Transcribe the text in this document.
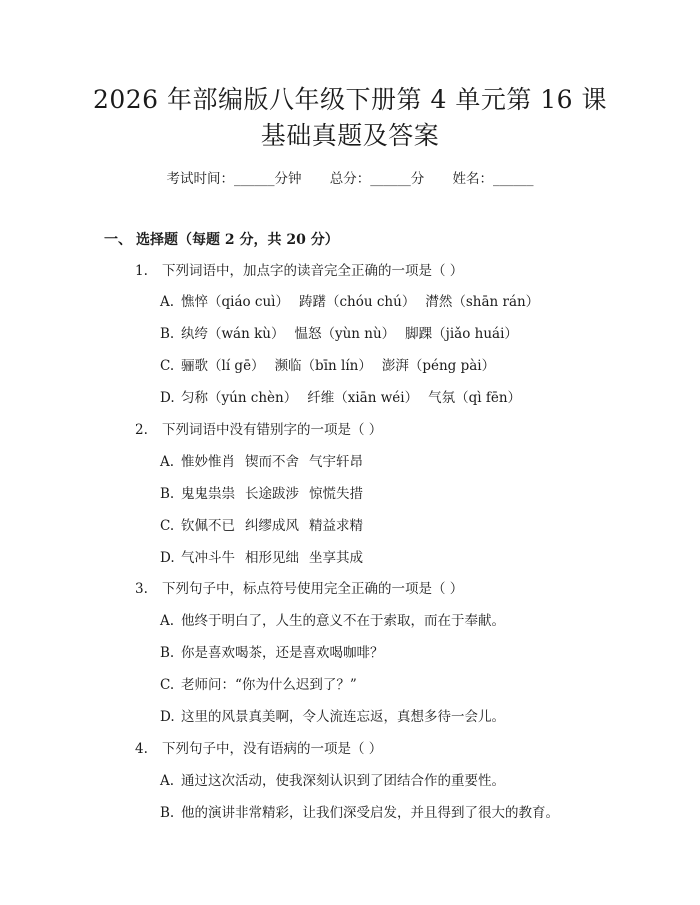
2026 年部编版八年级下册第 4 单元第 16 课
基础真题及答案
考试时间：______分钟 总分：______分 姓名：______
一、 选择题（每题 2 分，共 20 分）
1. 下列词语中，加点字的读音完全正确的一项是（ ）
A. 憔悴（qiáo cuì） 踌躇（chóu chú） 潸然（shān rán）
B. 纨绔（wán kù） 愠怒（yùn nù） 脚踝（jiǎo huái）
C. 骊歌（lí gē） 濒临（bīn lín） 澎湃（péng pài）
D. 匀称（yún chèn） 纤维（xiān wéi） 气氛（qì fēn）
2. 下列词语中没有错别字的一项是（ ）
A. 惟妙惟肖 锲而不舍 气宇轩昂
B. 鬼鬼祟祟 长途跋涉 惊慌失措
C. 钦佩不已 纠缪成风 精益求精
D. 气冲斗牛 相形见绌 坐享其成
3. 下列句子中，标点符号使用完全正确的一项是（ ）
A. 他终于明白了，人生的意义不在于索取，而在于奉献。
B. 你是喜欢喝茶，还是喜欢喝咖啡？
C. 老师问：“你为什么迟到了？”
D. 这里的风景真美啊，令人流连忘返，真想多待一会儿。
4. 下列句子中，没有语病的一项是（ ）
A. 通过这次活动，使我深刻认识到了团结合作的重要性。
B. 他的演讲非常精彩，让我们深受启发，并且得到了很大的教育。
